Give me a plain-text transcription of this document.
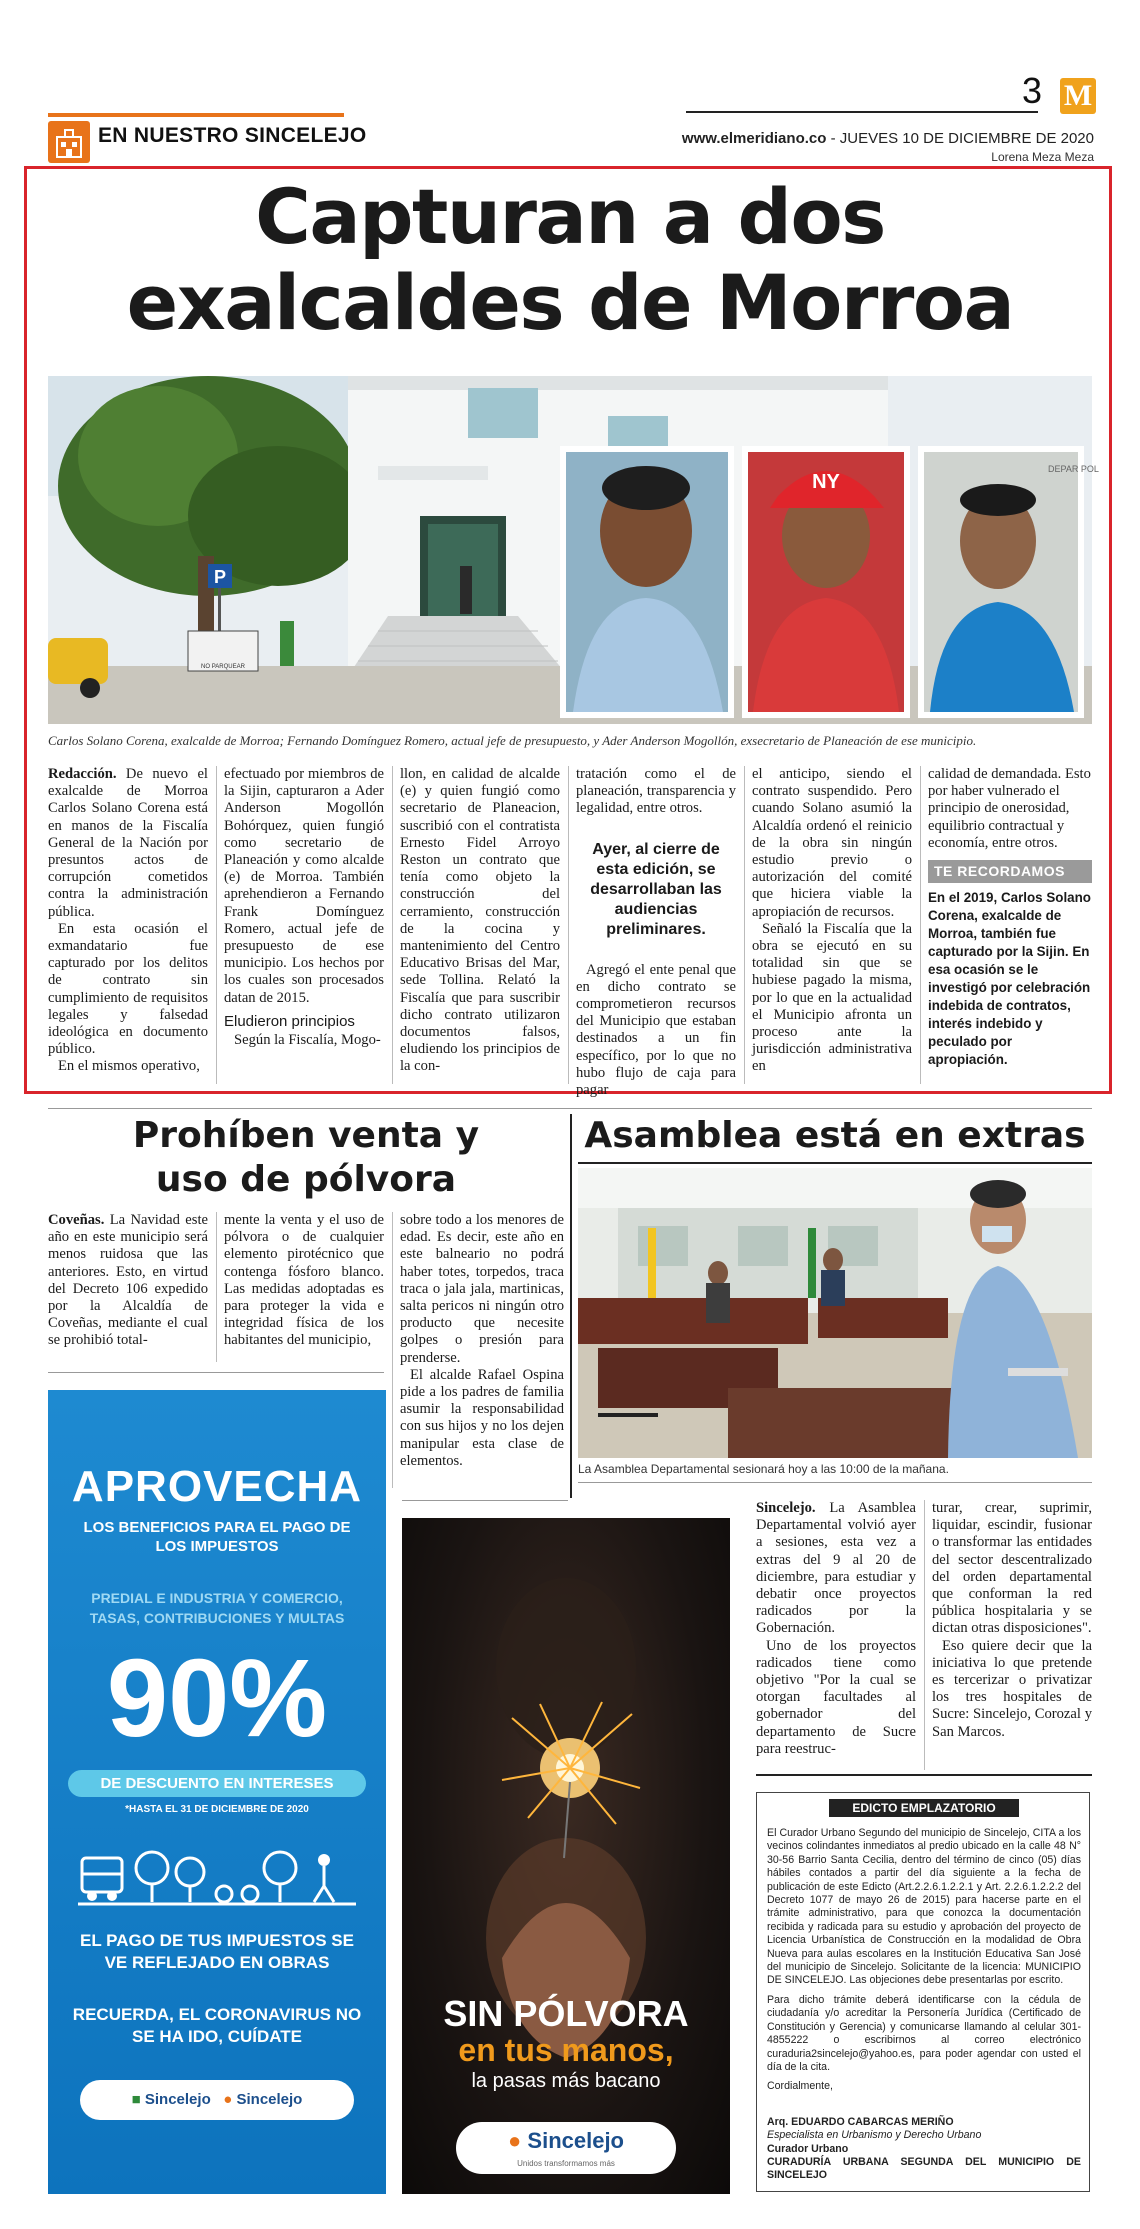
EN NUESTRO SINCELEJO
3 M
www.elmeridiano.co - JUEVES 10 DE DICIEMBRE DE 2020
Lorena Meza Meza
Capturan a dos
exalcaldes de Morroa
P
NO PARQUEAR
NY
DEPAR POL
Carlos Solano Corena, exalcalde de Morroa; Fernando Domínguez Romero, actual jefe de presupuesto, y Ader Anderson Mogollón, exsecretario de Planeación de ese municipio.

Redacción. De nuevo el exalcalde de Morroa Carlos Solano Corena está en manos de la Fiscalía General de la Nación por presuntos actos de corrupción cometidos contra la administración pública.

En esta ocasión el exmandatario fue capturado por los delitos de contrato sin cumplimiento de requisitos legales y falsedad ideológica en documento público.

En el mismos operativo,

efectuado por miembros de la Sijin, capturaron a Ader Anderson Mogollón Bohórquez, quien fungió como secretario de Planeación y como alcalde (e) de Morroa. También aprehendieron a Fernando Frank Domínguez Romero, actual jefe de presupuesto de ese municipio. Los hechos por los cuales son procesados datan de 2015.

Eludieron principios

Según la Fiscalía, Mogo-

llon, en calidad de alcalde (e) y quien fungió como secretario de Planeacion, suscribió con el contratista Ernesto Fidel Arroyo Reston un contrato que tenía como objeto la construcción del cerramiento, construcción de la cocina y mantenimiento del Centro Educativo Brisas del Mar, sede Tollina. Relató la Fiscalía que para suscribir dicho contrato utilizaron documentos falsos, eludiendo los principios de la con-

tratación como el de planeación, transparencia y legalidad, entre otros.

Ayer, al cierre de esta edición, se desarrollaban las audiencias preliminares.

Agregó el ente penal que en dicho contrato se comprometieron recursos del Municipio que estaban destinados a un fin específico, por lo que no hubo flujo de caja para pagar

el anticipo, siendo el contrato suspendido. Pero cuando Solano asumió la Alcaldía ordenó el reinicio de la obra sin ningún estudio previo o autorización del comité que hiciera viable la apropiación de recursos.

Señaló la Fiscalía que la obra se ejecutó en su totalidad sin que se hubiese pagado la misma, por lo que en la actualidad el Municipio afronta un proceso ante la jurisdicción administrativa en

calidad de demandada. Esto por haber vulnerado el principio de onerosidad, equilibrio contractual y economía, entre otros.

TE RECORDAMOS
En el 2019, Carlos Solano Corena, exalcalde de Morroa, también fue capturado por la Sijin. En esa ocasión se le investigó por celebración indebida de contratos, interés indebido y peculado por apropiación.
Prohíben venta y
uso de pólvora

Coveñas. La Navidad este año en este municipio será menos ruidosa que las anteriores. Esto, en virtud del Decreto 106 expedido por la Alcaldía de Coveñas, mediante el cual se prohibió total-

mente la venta y el uso de pólvora o de cualquier elemento pirotécnico que contenga fósforo blanco. Las medidas adoptadas es para proteger la vida e integridad física de los habitantes del municipio,

sobre todo a los menores de edad. Es decir, este año en este balneario no podrá haber totes, torpedos, traca traca o jala jala, martinicas, salta pericos ni ningún otro producto que necesite golpes o presión para prenderse.

El alcalde Rafael Ospina pide a los padres de familia asumir la responsabilidad con sus hijos y no los dejen manipular esta clase de elementos.

Asamblea está en extras
La Asamblea Departamental sesionará hoy a las 10:00 de la mañana.

Sincelejo. La Asamblea Departamental volvió ayer a sesiones, esta vez a extras del 9 al 20 de diciembre, para estudiar y debatir once proyectos radicados por la Gobernación.

Uno de los proyectos radicados tiene como objetivo "Por la cual se otorgan facultades al gobernador del departamento de Sucre para reestruc-

turar, crear, suprimir, liquidar, escindir, fusionar o transformar las entidades del sector descentralizado del orden departamental que conforman la red pública hospitalaria y se dictan otras disposiciones".

Eso quiere decir que la iniciativa lo que pretende es tercerizar o privatizar los tres hospitales de Sucre: Sincelejo, Corozal y San Marcos.

APROVECHA
LOS BENEFICIOS PARA EL PAGO DE LOS IMPUESTOS
PREDIAL E INDUSTRIA Y COMERCIO, TASAS, CONTRIBUCIONES Y MULTAS
90%
DE DESCUENTO EN INTERESES
*HASTA EL 31 DE DICIEMBRE DE 2020
EL PAGO DE TUS IMPUESTOS SE VE REFLEJADO EN OBRAS
RECUERDA, EL CORONAVIRUS NO SE HA IDO, CUÍDATE
■ Sincelejo ● Sincelejo
SIN PÓLVORA
en tus manos,
la pasas más bacano
● Sincelejo
Unidos transformamos más
EDICTO EMPLAZATORIO

El Curador Urbano Segundo del municipio de Sincelejo, CITA a los vecinos colindantes inmediatos al predio ubicado en la calle 48 N° 30-56 Barrio Santa Cecilia, dentro del término de cinco (05) días hábiles contados a partir del día siguiente a la fecha de publicación de este Edicto (Art.2.2.6.1.2.2.1 y Art. 2.2.6.1.2.2.2 del Decreto 1077 de mayo 26 de 2015) para hacerse parte en el trámite administrativo, para que conozca la documentación recibida y radicada para su estudio y aprobación del proyecto de Licencia Urbanística de Construcción en la modalidad de Obra Nueva para aulas escolares en la Institución Educativa San José del municipio de Sincelejo. Solicitante de la licencia: MUNICIPIO DE SINCELEJO. Las objeciones debe presentarlas por escrito.

Para dicho trámite deberá identificarse con la cédula de ciudadanía y/o acreditar la Personería Jurídica (Certificado de Constitución y Gerencia) y comunicarse llamando al celular 301-4855222 o escribirnos al correo electrónico curaduria2sincelejo@yahoo.es, para poder agendar con usted el día de la cita.

Cordialmente,

Arq. EDUARDO CABARCAS MERIÑO
Especialista en Urbanismo y Derecho Urbano
Curador Urbano
CURADURÍA URBANA SEGUNDA DEL MUNICIPIO DE SINCELEJO
